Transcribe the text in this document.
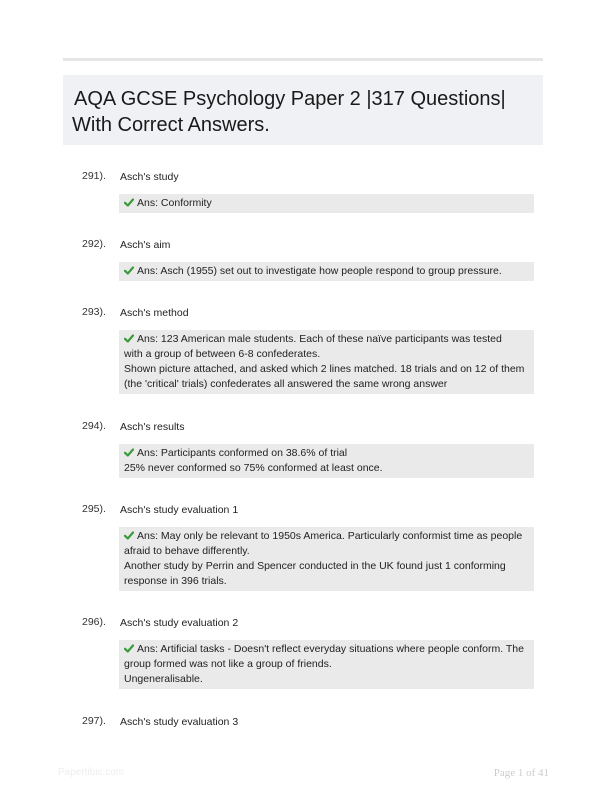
AQA GCSE Psychology Paper 2 |317 Questions|
With Correct Answers.
291). Asch's study
Ans: Conformity
292). Asch's aim
Ans: Asch (1955) set out to investigate how people respond to group pressure.
293). Asch's method
Ans: 123 American male students. Each of these naïve participants was tested
with a group of between 6-8 confederates.
Shown picture attached, and asked which 2 lines matched. 18 trials and on 12 of them
(the 'critical' trials) confederates all answered the same wrong answer
294). Asch's results
Ans: Participants conformed on 38.6% of trial
25% never conformed so 75% conformed at least once.
295). Asch's study evaluation 1
Ans: May only be relevant to 1950s America. Particularly conformist time as people
afraid to behave differently.
Another study by Perrin and Spencer conducted in the UK found just 1 conforming
response in 396 trials.
296). Asch's study evaluation 2
Ans: Artificial tasks - Doesn't reflect everyday situations where people conform. The
group formed was not like a group of friends.
Ungeneralisable.
297). Asch's study evaluation 3
Papertibic.com	Page 1 of 41
